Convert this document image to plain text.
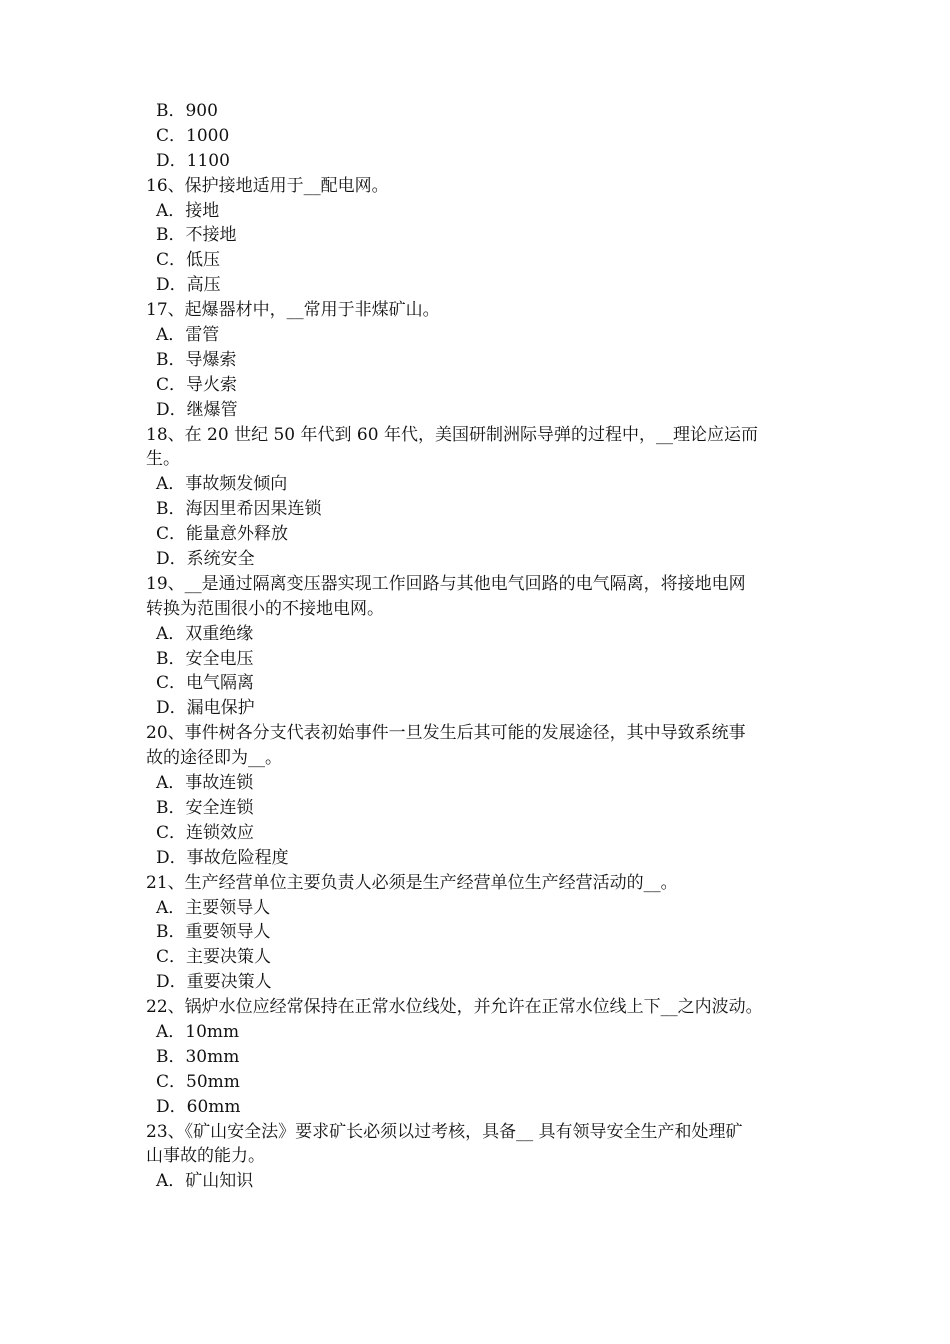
B．900
C．1000
D．1100
16、保护接地适用于__配电网。
A．接地
B．不接地
C．低压
D．高压
17、起爆器材中，__常用于非煤矿山。
A．雷管
B．导爆索
C．导火索
D．继爆管
18、在 20 世纪 50 年代到 60 年代，美国研制洲际导弹的过程中，__理论应运而
生。
A．事故频发倾向
B．海因里希因果连锁
C．能量意外释放
D．系统安全
19、__是通过隔离变压器实现工作回路与其他电气回路的电气隔离，将接地电网
转换为范围很小的不接地电网。
A．双重绝缘
B．安全电压
C．电气隔离
D．漏电保护
20、事件树各分支代表初始事件一旦发生后其可能的发展途径，其中导致系统事
故的途径即为__。
A．事故连锁
B．安全连锁
C．连锁效应
D．事故危险程度
21、生产经营单位主要负责人必须是生产经营单位生产经营活动的__。
A．主要领导人
B．重要领导人
C．主要决策人
D．重要决策人
22、锅炉水位应经常保持在正常水位线处，并允许在正常水位线上下__之内波动。
A．10mm
B．30mm
C．50mm
D．60mm
23、《矿山安全法》要求矿长必须以过考核，具备__ 具有领导安全生产和处理矿
山事故的能力。
A．矿山知识
